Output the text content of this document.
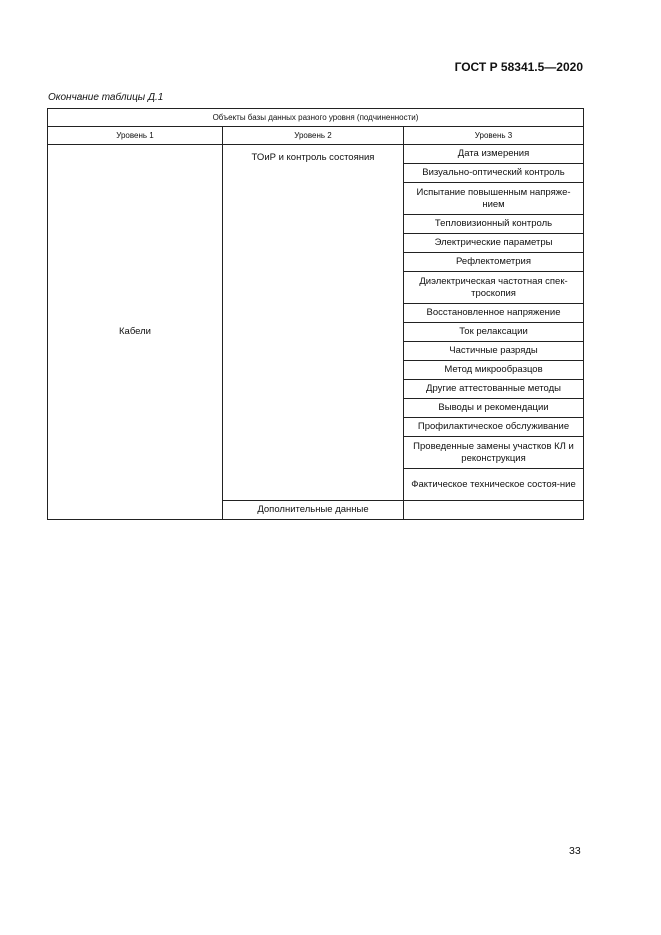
ГОСТ Р 58341.5—2020
Окончание таблицы Д.1
Объекты базы данных разного уровня (подчиненности)		
Уровень 1	Уровень 2	Уровень 3
Кабели	ТОиР и контроль состояния	Дата измерения
		Визуально-оптический контроль
		Испытание повышенным напряже-нием
		Тепловизионный контроль
		Электрические параметры
		Рефлектометрия
		Диэлектрическая частотная спек-троскопия
		Восстановленное напряжение
		Ток релаксации
		Частичные разряды
		Метод микрообразцов
		Другие аттестованные методы
		Выводы и рекомендации
		Профилактическое обслуживание
		Проведенные замены участков КЛ и реконструкция
		Фактическое техническое состоя-ние
	Дополнительные данные	
33
